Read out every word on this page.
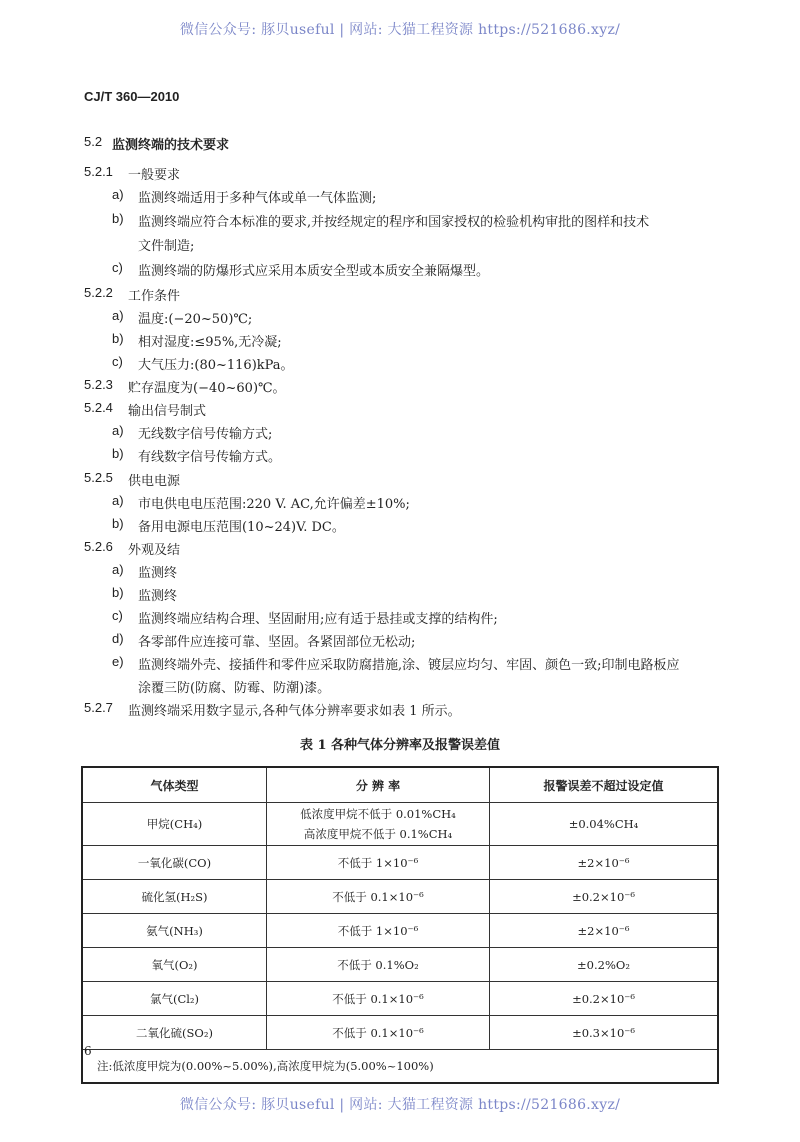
微信公众号: 豚贝useful | 网站: 大猫工程资源 https://521686.xyz/
CJ/T 360—2010
5.2 监测终端的技术要求
5.2.1 一般要求
a) 监测终端适用于多种气体或单一气体监测;
b) 监测终端应符合本标准的要求,并按经规定的程序和国家授权的检验机构审批的图样和技术
文件制造;
c) 监测终端的防爆形式应采用本质安全型或本质安全兼隔爆型。
5.2.2 工作条件
a) 温度:(−20~50)℃;
b) 相对湿度:≤95%,无冷凝;
c) 大气压力:(80~116)kPa。
5.2.3 贮存温度为(−40~60)℃。
5.2.4 输出信号制式
a) 无线数字信号传输方式;
b) 有线数字信号传输方式。
5.2.5 供电电源
a) 市电供电电压范围:220 V. AC,允许偏差±10%;
b) 备用电源电压范围(10~24)V. DC。
5.2.6 外观及结
a) 监测终
b) 监测终
c) 监测终端应结构合理、坚固耐用;应有适于悬挂或支撑的结构件;
d) 各零部件应连接可靠、坚固。各紧固部位无松动;
e) 监测终端外壳、接插件和零件应采取防腐措施,涂、镀层应均匀、牢固、颜色一致;印制电路板应
涂覆三防(防腐、防霉、防潮)漆。
5.2.7 监测终端采用数字显示,各种气体分辨率要求如表 1 所示。
表 1 各种气体分辨率及报警误差值
气体类型	分 辨 率	报警误差不超过设定值
甲烷(CH₄)	低浓度甲烷不低于 0.01%CH₄
高浓度甲烷不低于 0.1%CH₄	±0.04%CH₄
一氧化碳(CO)	不低于 1×10⁻⁶	±2×10⁻⁶
硫化氢(H₂S)	不低于 0.1×10⁻⁶	±0.2×10⁻⁶
氨气(NH₃)	不低于 1×10⁻⁶	±2×10⁻⁶
氧气(O₂)	不低于 0.1%O₂	±0.2%O₂
氯气(Cl₂)	不低于 0.1×10⁻⁶	±0.2×10⁻⁶
二氧化硫(SO₂)	不低于 0.1×10⁻⁶	±0.3×10⁻⁶
注:低浓度甲烷为(0.00%~5.00%),高浓度甲烷为(5.00%~100%)		
6
微信公众号: 豚贝useful | 网站: 大猫工程资源 https://521686.xyz/
